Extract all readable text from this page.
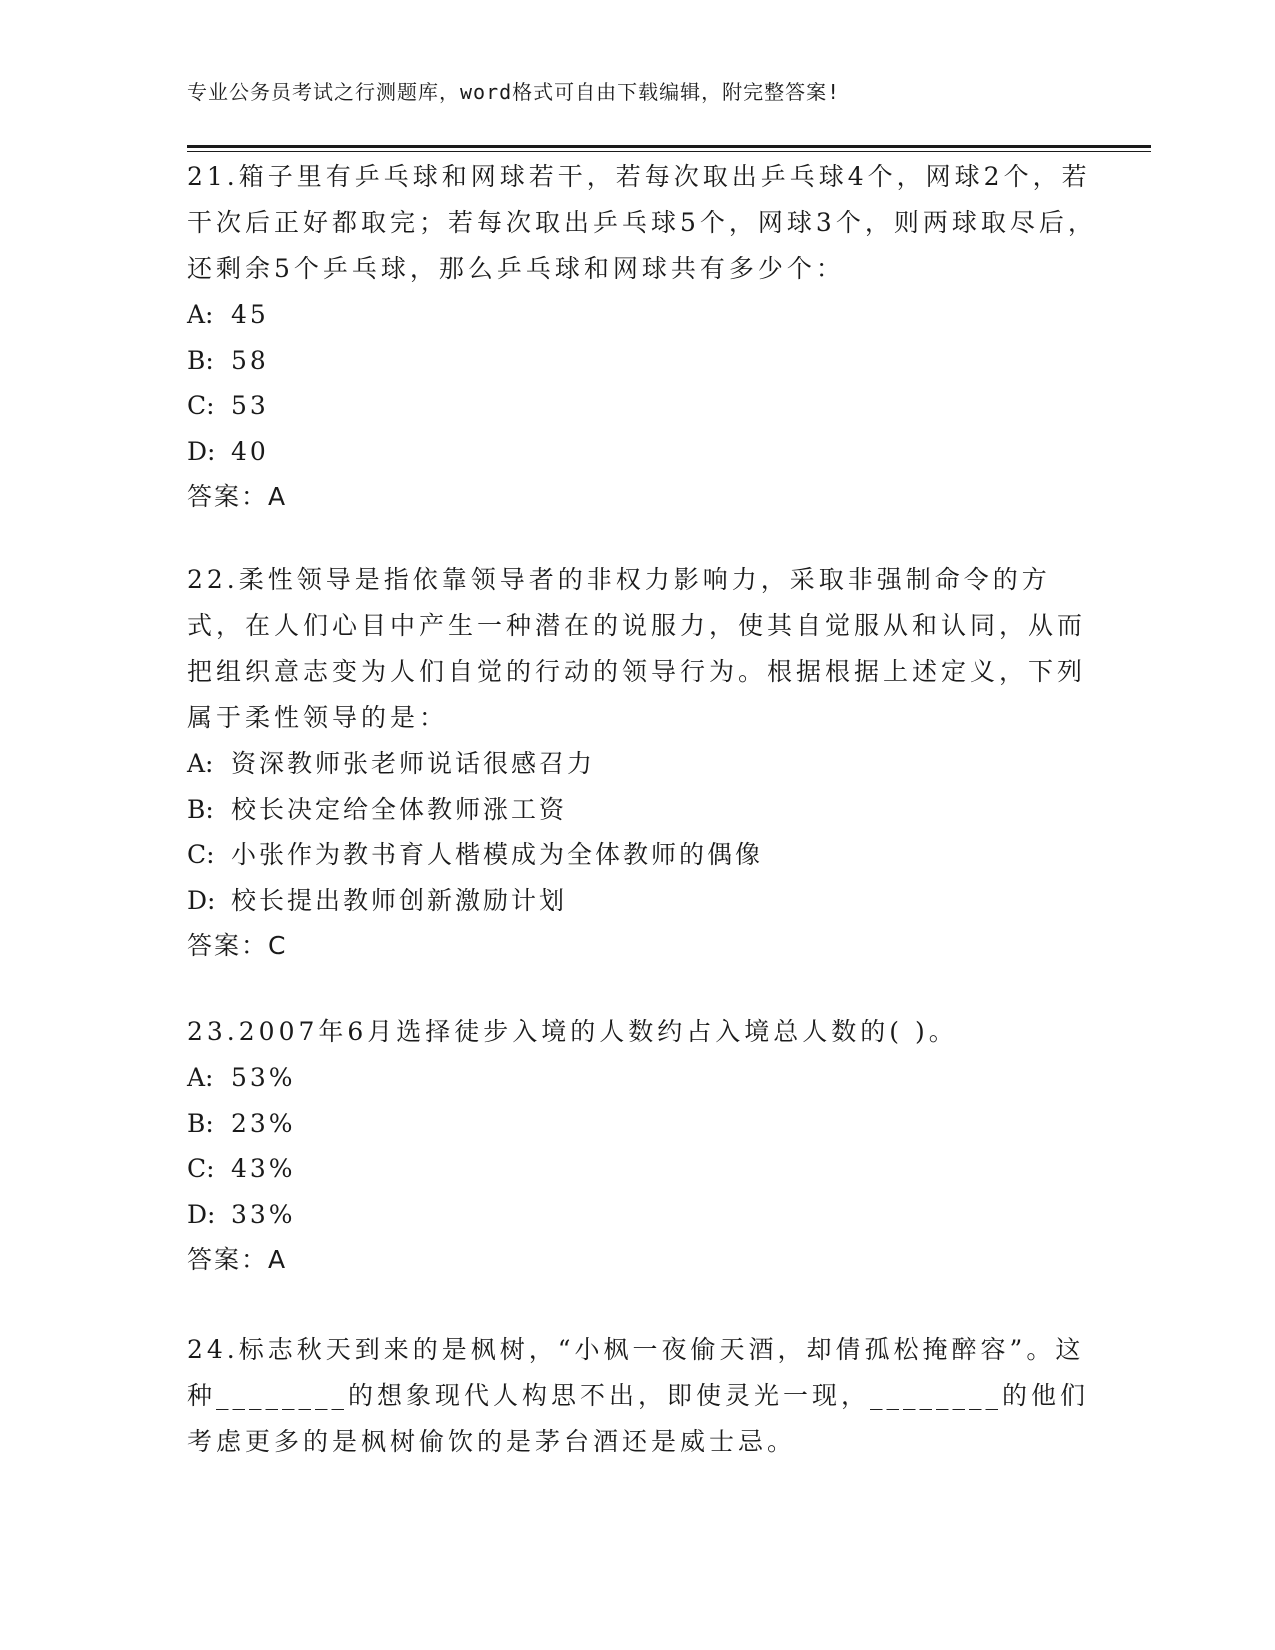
专业公务员考试之行测题库，word格式可自由下载编辑，附完整答案!

21.箱子里有乒乓球和网球若干，若每次取出乒乓球4个，网球2个，若干次后正好都取完；若每次取出乒乓球5个，网球3个，则两球取尽后，还剩余5个乒乓球，那么乒乓球和网球共有多少个：

A: 45
B: 58
C: 53
D: 40
答案：A

22.柔性领导是指依靠领导者的非权力影响力，采取非强制命令的方式，在人们心目中产生一种潜在的说服力，使其自觉服从和认同，从而把组织意志变为人们自觉的行动的领导行为。根据根据上述定义，下列属于柔性领导的是：

A: 资深教师张老师说话很感召力
B: 校长决定给全体教师涨工资
C: 小张作为教书育人楷模成为全体教师的偶像
D: 校长提出教师创新激励计划
答案：C

23.2007年6月选择徒步入境的人数约占入境总人数的( )。

A: 53%
B: 23%
C: 43%
D: 33%
答案：A

24.标志秋天到来的是枫树，“小枫一夜偷天酒，却倩孤松掩醉容”。这种________的想象现代人构思不出，即使灵光一现，________的他们考虑更多的是枫树偷饮的是茅台酒还是威士忌。
